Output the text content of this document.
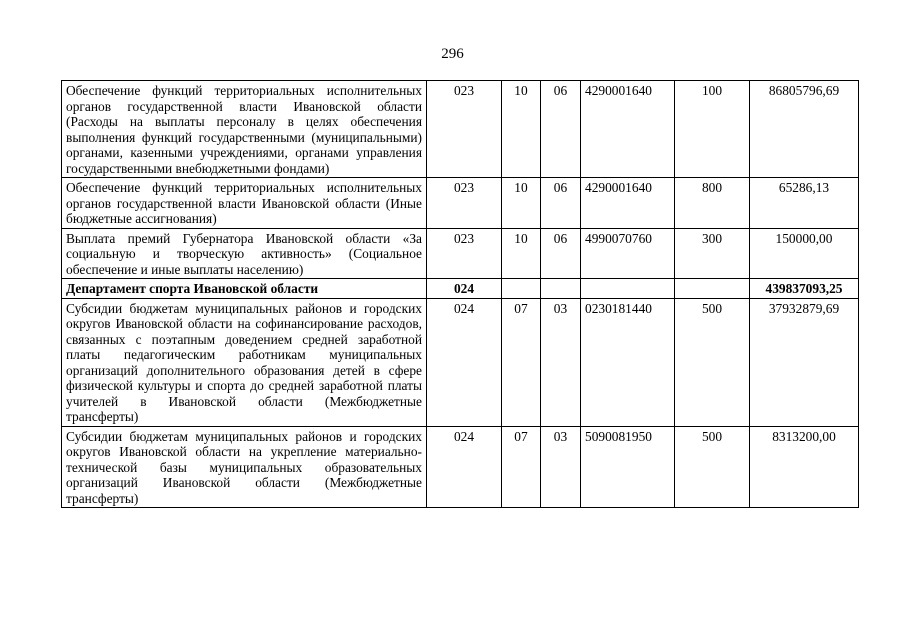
296
Обеспечение функций территориальных исполнительных органов государственной власти Ивановской области (Расходы на выплаты персоналу в целях обеспечения выполнения функций государственными (муниципальными) органами, казенными учреждениями, органами управления государственными внебюджетными фондами)	023	10	06	4290001640	100	86805796,69
Обеспечение функций территориальных исполнительных органов государственной власти Ивановской области (Иные бюджетные ассигнования)	023	10	06	4290001640	800	65286,13
Выплата премий Губернатора Ивановской области «За социальную и творческую активность» (Социальное обеспечение и иные выплаты населению)	023	10	06	4990070760	300	150000,00
Департамент спорта Ивановской области	024					439837093,25
Субсидии бюджетам муниципальных районов и городских округов Ивановской области на софинансирование расходов, связанных с поэтапным доведением средней заработной платы педагогическим работникам муниципальных организаций дополнительного образования детей в сфере физической культуры и спорта до средней заработной платы учителей в Ивановской области (Межбюджетные трансферты)	024	07	03	0230181440	500	37932879,69
Субсидии бюджетам муниципальных районов и городских округов Ивановской области на укрепление материально-технической базы муниципальных образовательных организаций Ивановской области (Межбюджетные трансферты)	024	07	03	5090081950	500	8313200,00
